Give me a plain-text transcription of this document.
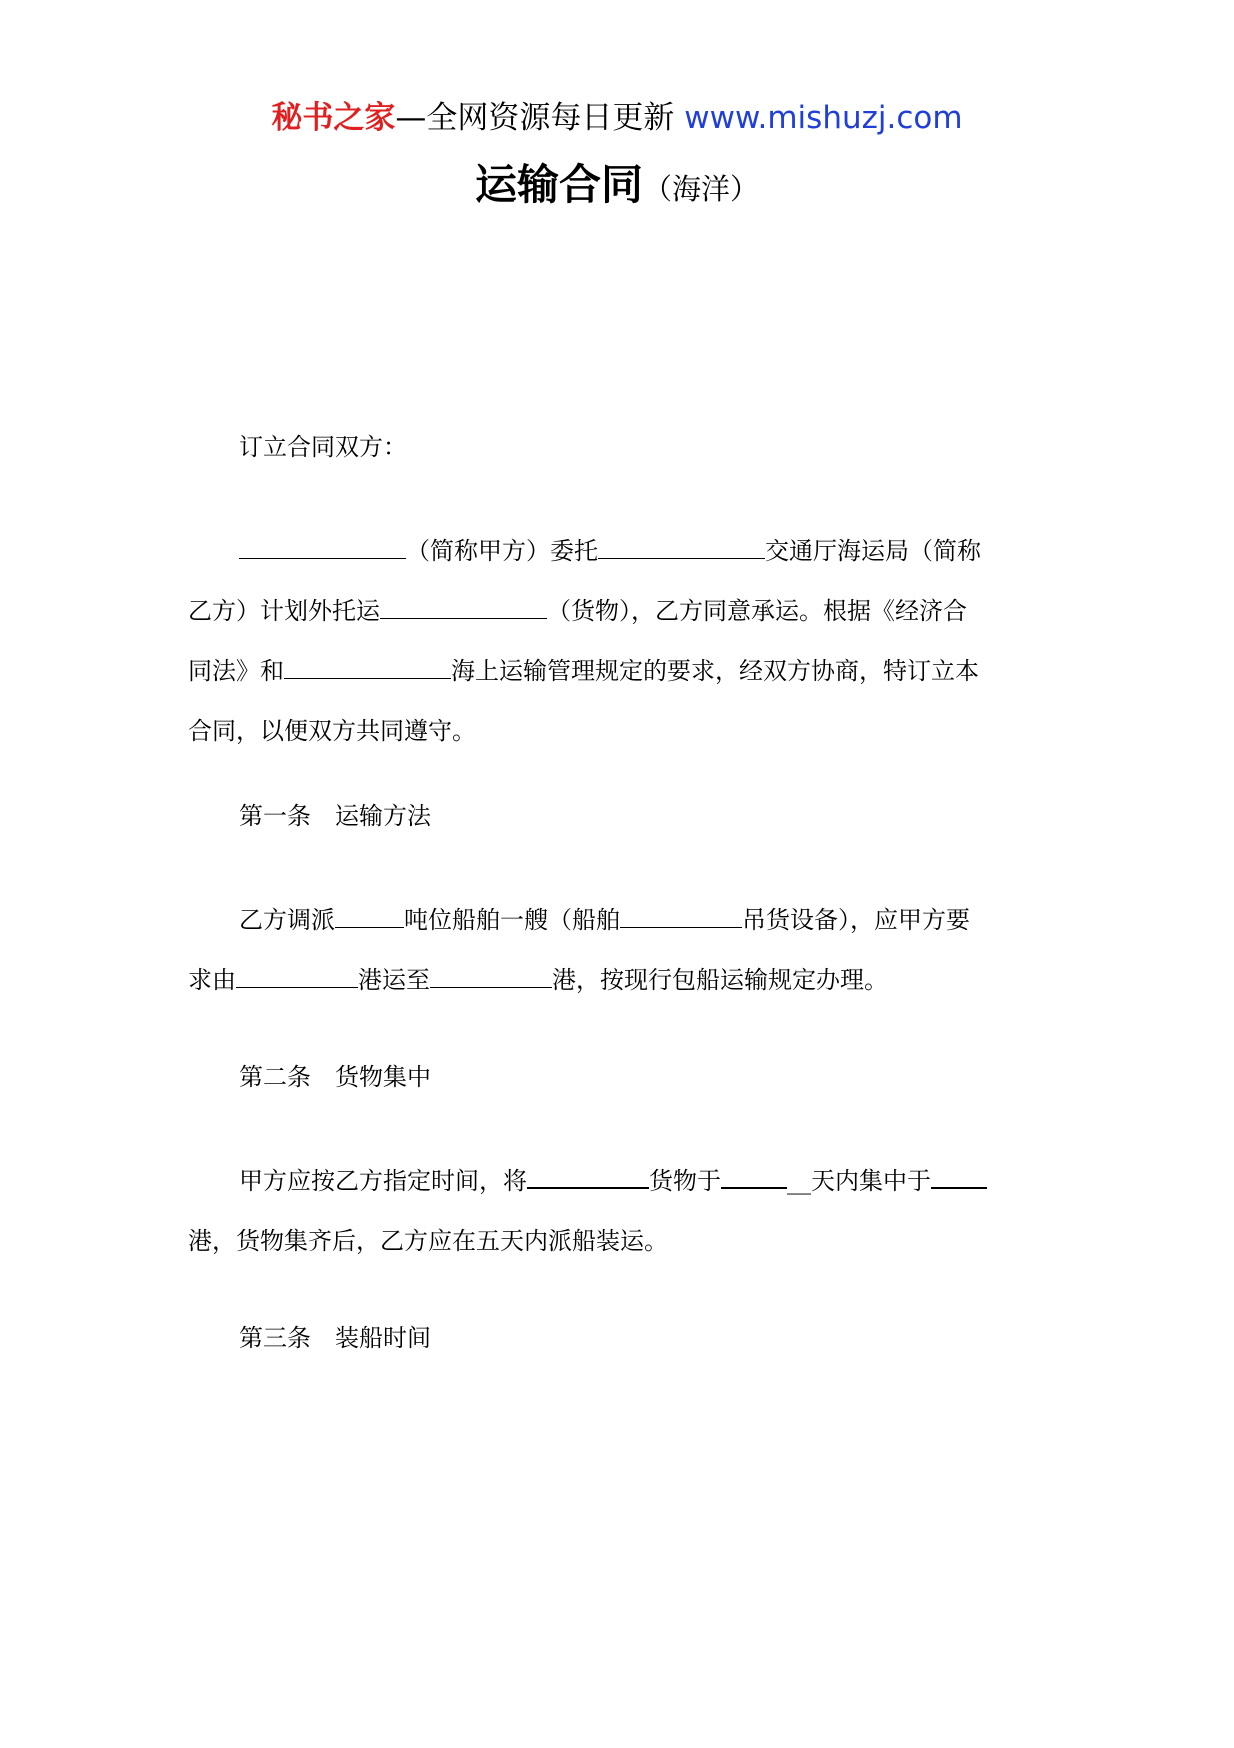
秘书之家—全网资源每日更新 www.mishuzj.com
运输合同（海洋）
订立合同双方：
（简称甲方）委托	交通厅海运局（简称
乙方）计划外托运	（货物），乙方同意承运。根据《经济合
同法》和	海上运输管理规定的要求，经双方协商，特订立本
合同，以便双方共同遵守。
第一条 运输方法
乙方调派	吨位船舶一艘（船舶	吊货设备），应甲方要
求由	港运至	港，按现行包船运输规定办理。
第二条 货物集中
甲方应按乙方指定时间，将	货物于	__天内集中于
港，货物集齐后，乙方应在五天内派船装运。
第三条 装船时间
